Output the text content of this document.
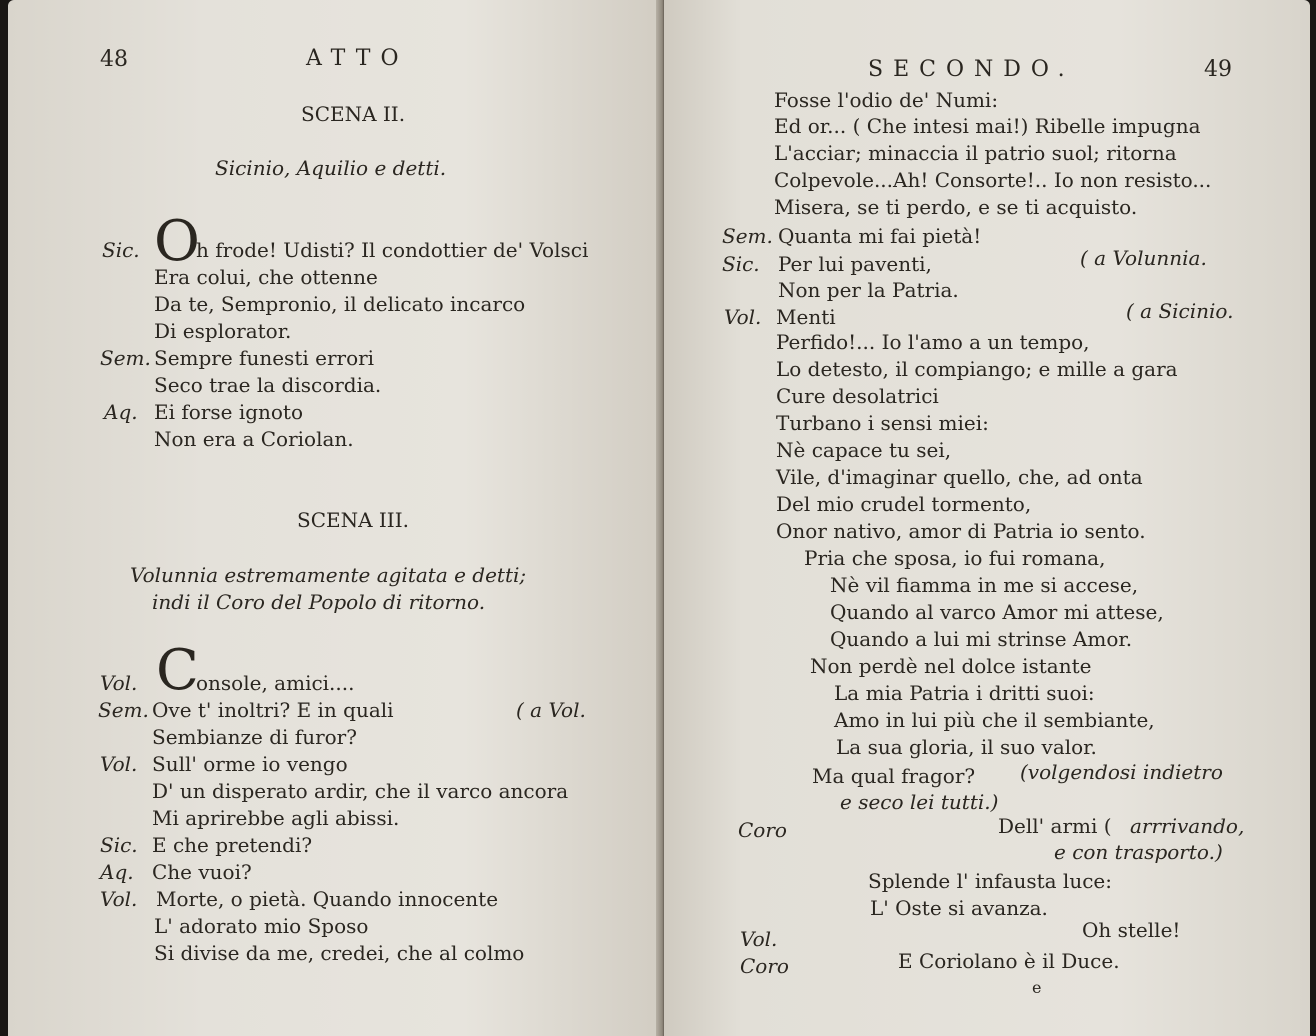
48	ATTO
SCENA II.
Sicinio, Aquilio e detti.
Sic. O
h frode! Udisti? Il condottier de' Volsci
Era colui, che ottenne
Da te, Sempronio, il delicato incarco
Di esplorator.
Sem. Sempre funesti errori
Seco trae la discordia.
Aq. Ei forse ignoto
Non era a Coriolan.
SCENA III.
Volunnia estremamente agitata e detti;
indi il Coro del Popolo di ritorno.
Vol. C
onsole, amici....
Sem. Ove t' inoltri? E in quali	( a Vol.
Sembianze di furor?
Vol. Sull' orme io vengo
D' un disperato ardir, che il varco ancora
Mi aprirebbe agli abissi.
Sic. E che pretendi?
Aq. Che vuoi?
Vol. Morte, o pietà. Quando innocente
L' adorato mio Sposo
Si divise da me, credei, che al colmo
SECONDO.	49
Fosse l'odio de' Numi:
Ed or... ( Che intesi mai!) Ribelle impugna
L'acciar; minaccia il patrio suol; ritorna
Colpevole...Ah! Consorte!.. Io non resisto...
Misera, se ti perdo, e se ti acquisto.
Sem. Quanta mi fai pietà!
Sic. Per lui paventi,	( a Volunnia.
Non per la Patria.
Vol. Menti	( a Sicinio.
Perfido!... Io l'amo a un tempo,
Lo detesto, il compiango; e mille a gara
Cure desolatrici
Turbano i sensi miei:
Nè capace tu sei,
Vile, d'imaginar quello, che, ad onta
Del mio crudel tormento,
Onor nativo, amor di Patria io sento.
Pria che sposa, io fui romana,
Nè vil fiamma in me si accese,
Quando al varco Amor mi attese,
Quando a lui mi strinse Amor.
Non perdè nel dolce istante
La mia Patria i dritti suoi:
Amo in lui più che il sembiante,
La sua gloria, il suo valor.
Ma qual fragor? (volgendosi indietro
e seco lei tutti.)
Coro	Dell' armi ( arrrivando,
e con trasporto.)
Splende l' infausta luce:
L' Oste si avanza.
Vol.	Oh stelle!
Coro	E Coriolano è il Duce.
e
